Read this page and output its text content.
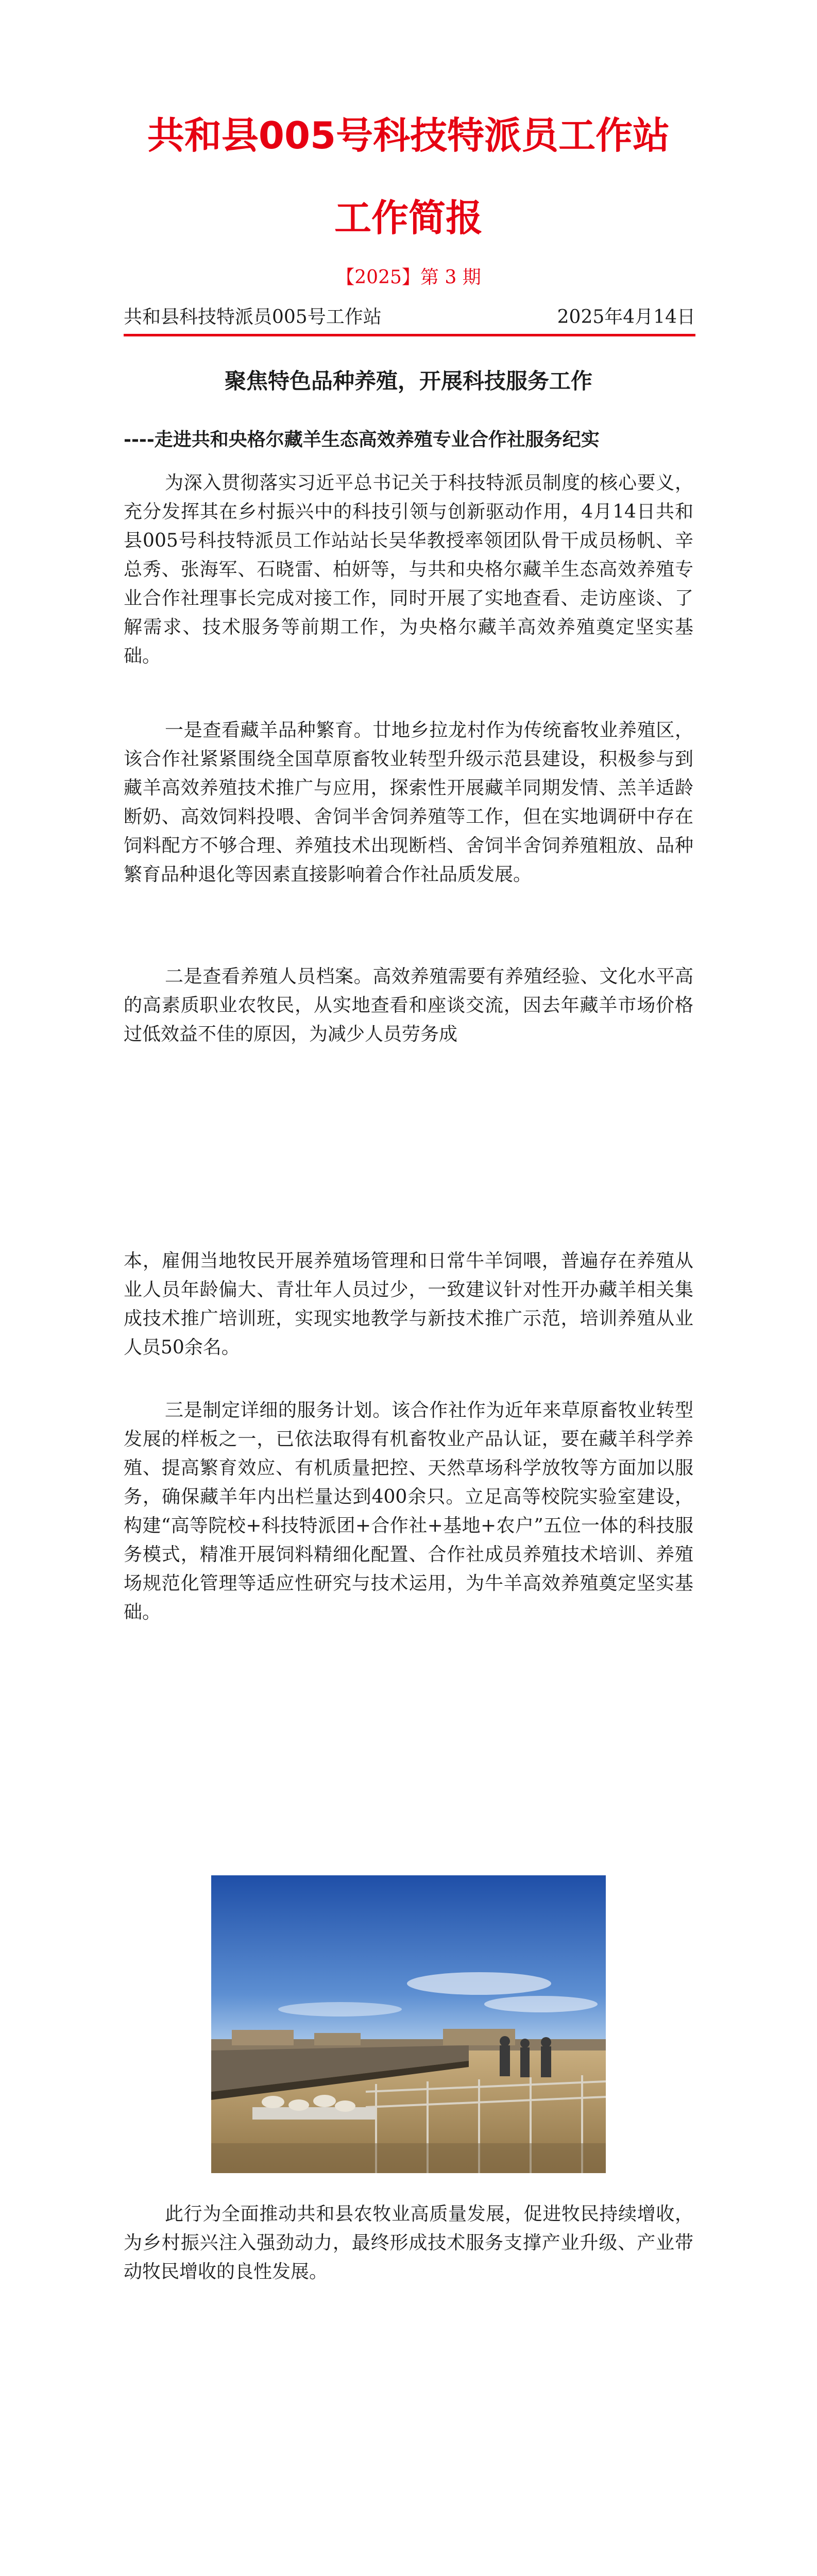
共和县005号科技特派员工作站
工作简报
【2025】第 3 期
共和县科技特派员005号工作站	2025年4月14日
聚焦特色品种养殖，开展科技服务工作
----走进共和央格尔藏羊生态高效养殖专业合作社服务纪实

为深入贯彻落实习近平总书记关于科技特派员制度的核心要义，充分发挥其在乡村振兴中的科技引领与创新驱动作用，4月14日共和县005号科技特派员工作站站长吴华教授率领团队骨干成员杨帆、辛总秀、张海军、石晓雷、柏妍等，与共和央格尔藏羊生态高效养殖专业合作社理事长完成对接工作，同时开展了实地查看、走访座谈、了解需求、技术服务等前期工作，为央格尔藏羊高效养殖奠定坚实基础。

一是查看藏羊品种繁育。廿地乡拉龙村作为传统畜牧业养殖区，该合作社紧紧围绕全国草原畜牧业转型升级示范县建设，积极参与到藏羊高效养殖技术推广与应用，探索性开展藏羊同期发情、羔羊适龄断奶、高效饲料投喂、舍饲半舍饲养殖等工作，但在实地调研中存在饲料配方不够合理、养殖技术出现断档、舍饲半舍饲养殖粗放、品种繁育品种退化等因素直接影响着合作社品质发展。

二是查看养殖人员档案。高效养殖需要有养殖经验、文化水平高的高素质职业农牧民，从实地查看和座谈交流，因去年藏羊市场价格过低效益不佳的原因，为减少人员劳务成

本，雇佣当地牧民开展养殖场管理和日常牛羊饲喂，普遍存在养殖从业人员年龄偏大、青壮年人员过少，一致建议针对性开办藏羊相关集成技术推广培训班，实现实地教学与新技术推广示范，培训养殖从业人员50余名。

三是制定详细的服务计划。该合作社作为近年来草原畜牧业转型发展的样板之一，已依法取得有机畜牧业产品认证，要在藏羊科学养殖、提高繁育效应、有机质量把控、天然草场科学放牧等方面加以服务，确保藏羊年内出栏量达到400余只。立足高等校院实验室建设，构建“高等院校+科技特派团+合作社+基地+农户”五位一体的科技服务模式，精准开展饲料精细化配置、合作社成员养殖技术培训、养殖场规范化管理等适应性研究与技术运用，为牛羊高效养殖奠定坚实基础。

此行为全面推动共和县农牧业高质量发展，促进牧民持续增收，为乡村振兴注入强劲动力，最终形成技术服务支撑产业升级、产业带动牧民增收的良性发展。
